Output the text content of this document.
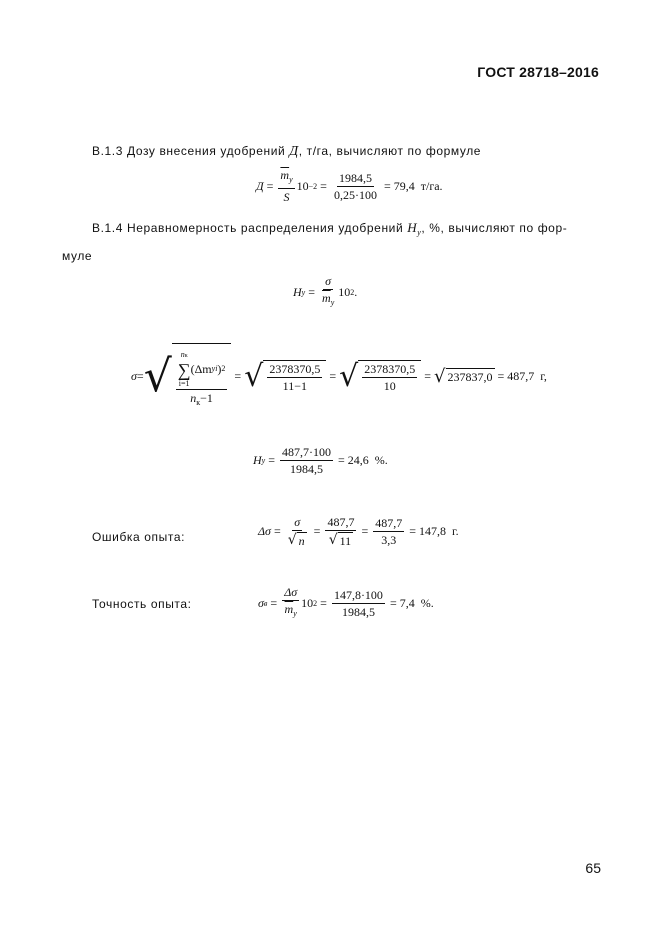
ГОСТ 28718–2016
В.1.3 Дозу внесения удобрений Д, т/га, вычисляют по формуле
$Д = \frac{\overline{m}_у}{S} 10 -2 = \frac{1984,5}{0,25\cdot 100} = 79,4$
т/га.
В.1.4 Неравномерность распределения удобрений $H_у$, %, вычисляют по фор-
муле
H $у = \frac{\sigma}{\overline{m}_у} 10$ 2 .
σ = √ nк
∑
i=1
(Δm уi ) 2
$n_к-1$
= √ $\frac{2378370,5}{11-1}$ = √ $\frac{2378370,5}{10}$ = √ 237837,0 = 487,7
г,
H $у = \frac{487,7\cdot 100}{1984,5} = 24,6$
%.
Ошибка опыта:	$\Delta\sigma = \frac{\sigma}{√ n} = \frac{487,7}{√ 11} = \frac{487,7}{3,3} = 147,8$
г.
Точность опыта:	σ $в = \frac{\Delta\sigma}{\overline{m}_у} 10$ $2 = \frac{147,8\cdot 100}{1984,5} = 7,4$
%.
65
